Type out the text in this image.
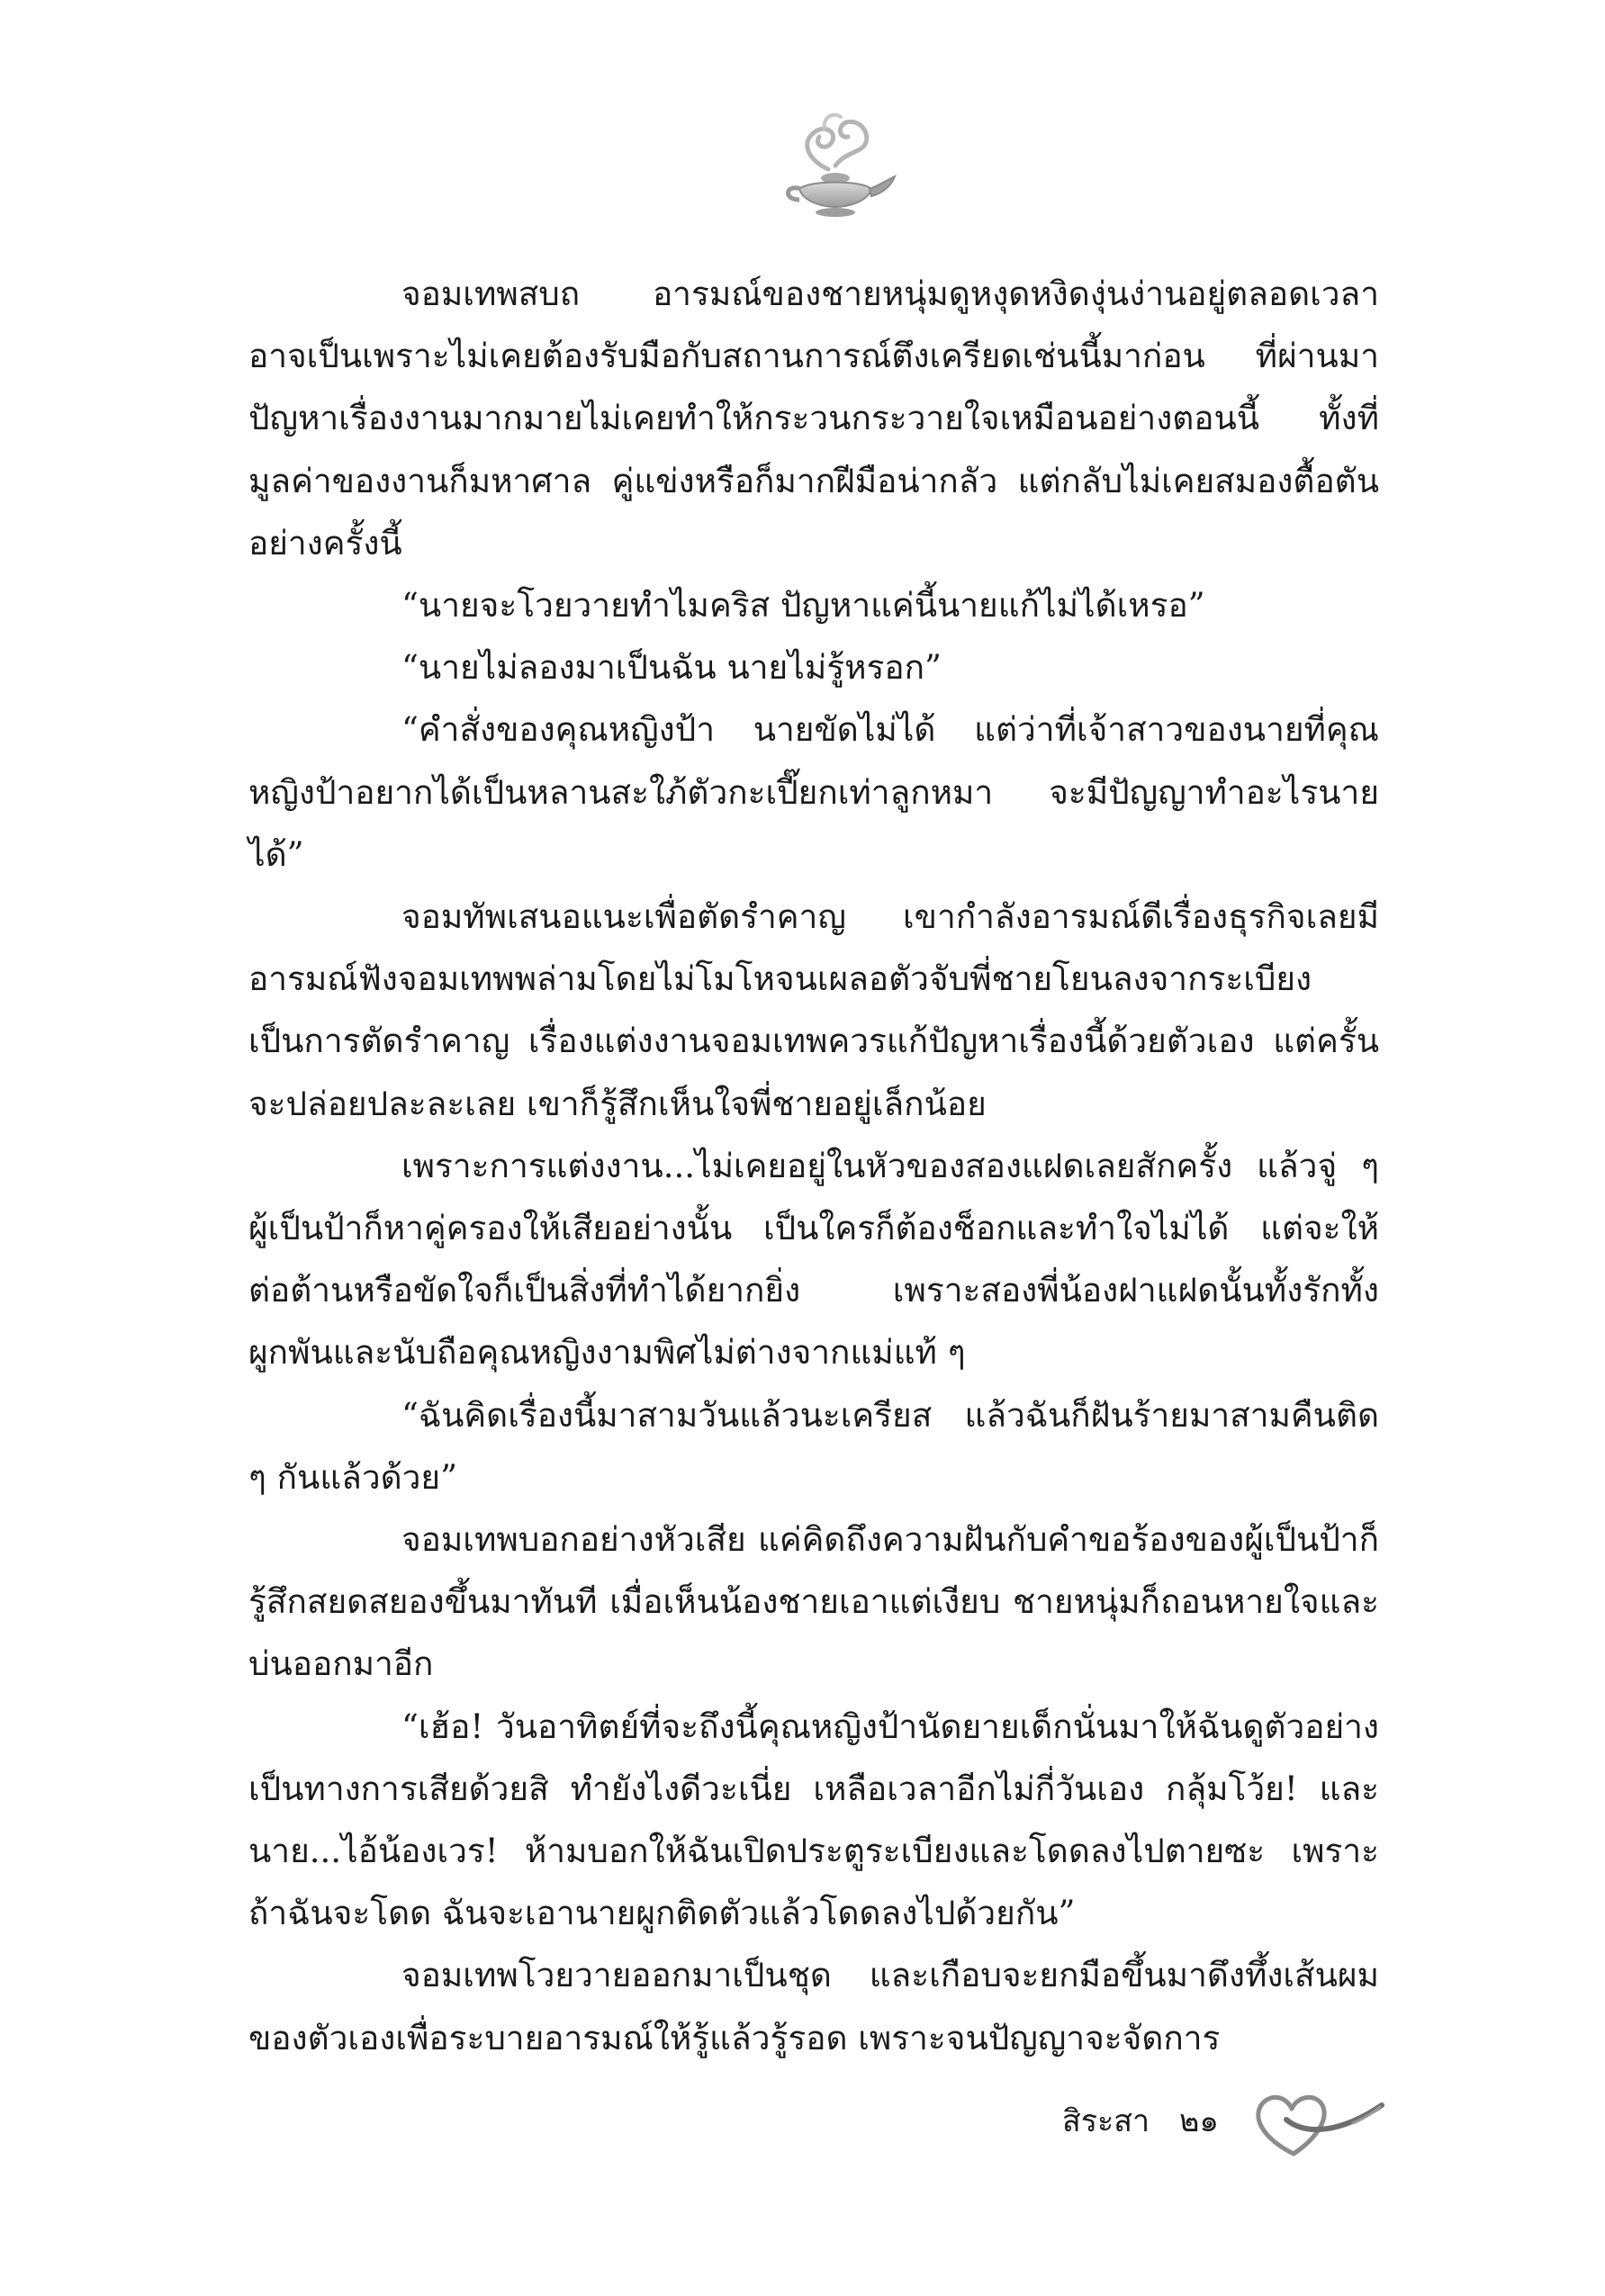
จอมเทพสบถ อารมณ์ของชายหนุ่มดูหงุดหงิดงุ่นง่านอยู่ตลอดเวลา อาจเป็นเพราะไม่เคยต้องรับมือกับสถานการณ์ตึงเครียดเช่นนี้มาก่อน ที่ผ่านมาปัญหาเรื่องงานมากมายไม่เคยทำให้กระวนกระวายใจเหมือนอย่างตอนนี้ ทั้งที่มูลค่าของงานก็มหาศาล คู่แข่งหรือก็มากฝีมือน่ากลัว แต่กลับไม่เคยสมองตื้อตันอย่างครั้งนี้

“นายจะโวยวายทำไมคริส ปัญหาแค่นี้นายแก้ไม่ได้เหรอ”

“นายไม่ลองมาเป็นฉัน นายไม่รู้หรอก”

“คำสั่งของคุณหญิงป้า นายขัดไม่ได้ แต่ว่าที่เจ้าสาวของนายที่คุณหญิงป้าอยากได้เป็นหลานสะใภ้ตัวกะเปี๊ยกเท่าลูกหมา จะมีปัญญาทำอะไรนายได้”

จอมทัพเสนอแนะเพื่อตัดรำคาญ เขากำลังอารมณ์ดีเรื่องธุรกิจเลยมีอารมณ์ฟังจอมเทพพล่ามโดยไม่โมโหจนเผลอตัวจับพี่ชายโยนลงจากระเบียงเป็นการตัดรำคาญ เรื่องแต่งงานจอมเทพควรแก้ปัญหาเรื่องนี้ด้วยตัวเอง แต่ครั้นจะปล่อยปละละเลย เขาก็รู้สึกเห็นใจพี่ชายอยู่เล็กน้อย

เพราะการแต่งงาน...ไม่เคยอยู่ในหัวของสองแฝดเลยสักครั้ง แล้วจู่ ๆ ผู้เป็นป้าก็หาคู่ครองให้เสียอย่างนั้น เป็นใครก็ต้องช็อกและทำใจไม่ได้ แต่จะให้ต่อต้านหรือขัดใจก็เป็นสิ่งที่ทำได้ยากยิ่ง เพราะสองพี่น้องฝาแฝดนั้นทั้งรักทั้งผูกพันและนับถือคุณหญิงงามพิศไม่ต่างจากแม่แท้ ๆ

“ฉันคิดเรื่องนี้มาสามวันแล้วนะเครียส แล้วฉันก็ฝันร้ายมาสามคืนติด ๆ กันแล้วด้วย”

จอมเทพบอกอย่างหัวเสีย แค่คิดถึงความฝันกับคำขอร้องของผู้เป็นป้าก็รู้สึกสยดสยองขึ้นมาทันที เมื่อเห็นน้องชายเอาแต่เงียบ ชายหนุ่มก็ถอนหายใจและบ่นออกมาอีก

“เฮ้อ! วันอาทิตย์ที่จะถึงนี้คุณหญิงป้านัดยายเด็กนั่นมาให้ฉันดูตัวอย่างเป็นทางการเสียด้วยสิ ทำยังไงดีวะเนี่ย เหลือเวลาอีกไม่กี่วันเอง กลุ้มโว้ย! และนาย...ไอ้น้องเวร! ห้ามบอกให้ฉันเปิดประตูระเบียงและโดดลงไปตายซะ เพราะถ้าฉันจะโดด ฉันจะเอานายผูกติดตัวแล้วโดดลงไปด้วยกัน”

จอมเทพโวยวายออกมาเป็นชุด และเกือบจะยกมือขึ้นมาดึงทึ้งเส้นผมของตัวเองเพื่อระบายอารมณ์ให้รู้แล้วรู้รอด เพราะจนปัญญาจะจัดการ

สิระสา ๒๑
